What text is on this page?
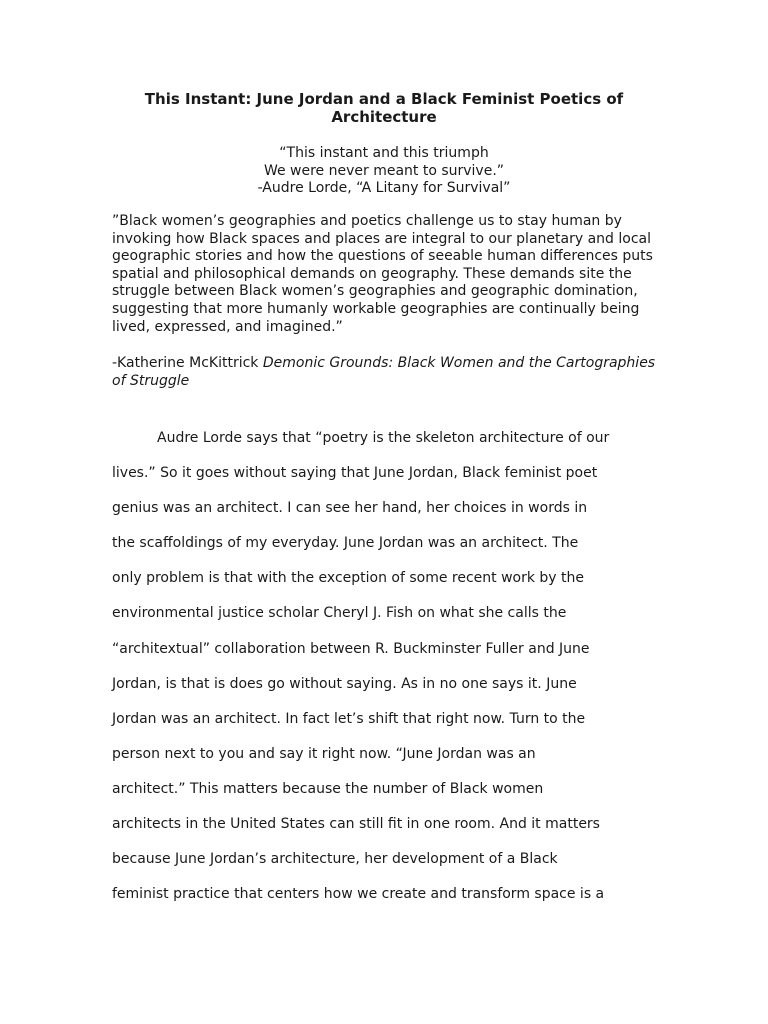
This Instant: June Jordan and a Black Feminist Poetics of
Architecture
“This instant and this triumph
We were never meant to survive.”
-Audre Lorde, “A Litany for Survival”

”Black women’s geographies and poetics challenge us to stay human by invoking how Black spaces and places are integral to our planetary and local geographic stories and how the questions of seeable human differences puts spatial and philosophical demands on geography. These demands site the struggle between Black women’s geographies and geographic domination, suggesting that more humanly workable geographies are continually being lived, expressed, and imagined.”

-Katherine McKittrick Demonic Grounds: Black Women and the Cartographies of Struggle

Audre Lorde says that “poetry is the skeleton architecture of our
lives.” So it goes without saying that June Jordan, Black feminist poet
genius was an architect. I can see her hand, her choices in words in
the scaffoldings of my everyday. June Jordan was an architect. The
only problem is that with the exception of some recent work by the
environmental justice scholar Cheryl J. Fish on what she calls the
“architextual” collaboration between R. Buckminster Fuller and June
Jordan, is that is does go without saying. As in no one says it. June
Jordan was an architect. In fact let’s shift that right now. Turn to the
person next to you and say it right now. “June Jordan was an
architect.” This matters because the number of Black women
architects in the United States can still fit in one room. And it matters
because June Jordan’s architecture, her development of a Black
feminist practice that centers how we create and transform space is a
